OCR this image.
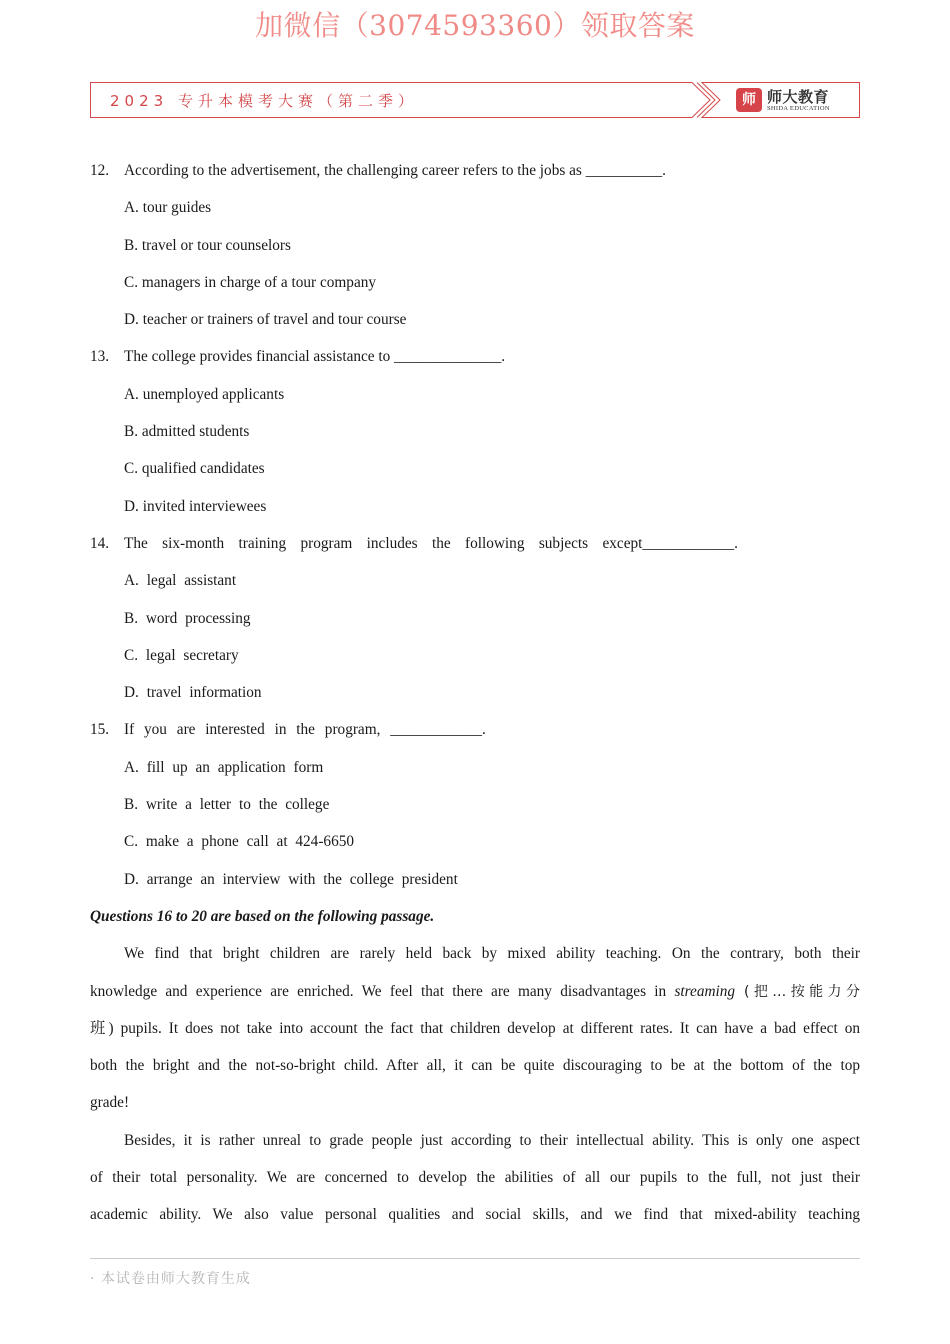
加微信（3074593360）领取答案
2023 专升本模考大赛（第二季）	师 师大教育
SHIDA EDUCATION
12. According to the advertisement, the challenging career refers to the jobs as __________.
A. tour guides
B. travel or tour counselors
C. managers in charge of a tour company
D. teacher or trainers of travel and tour course
13. The college provides financial assistance to ______________.
A. unemployed applicants
B. admitted students
C. qualified candidates
D. invited interviewees
14. The six-month training program includes the following subjects except____________.
A. legal assistant
B. word processing
C. legal secretary
D. travel information
15. If you are interested in the program, ____________.
A. fill up an application form
B. write a letter to the college
C. make a phone call at 424-6650
D. arrange an interview with the college president
Questions 16 to 20 are based on the following passage.
We find that bright children are rarely held back by mixed ability teaching. On the contrary, both their
knowledge and experience are enriched. We feel that there are many disadvantages in streaming (把…按能力分
班) pupils. It does not take into account the fact that children develop at different rates. It can have a bad effect on
both the bright and the not-so-bright child. After all, it can be quite discouraging to be at the bottom of the top
grade!
Besides, it is rather unreal to grade people just according to their intellectual ability. This is only one aspect
of their total personality. We are concerned to develop the abilities of all our pupils to the full, not just their
academic ability. We also value personal qualities and social skills, and we find that mixed-ability teaching
· 本试卷由师大教育生成
